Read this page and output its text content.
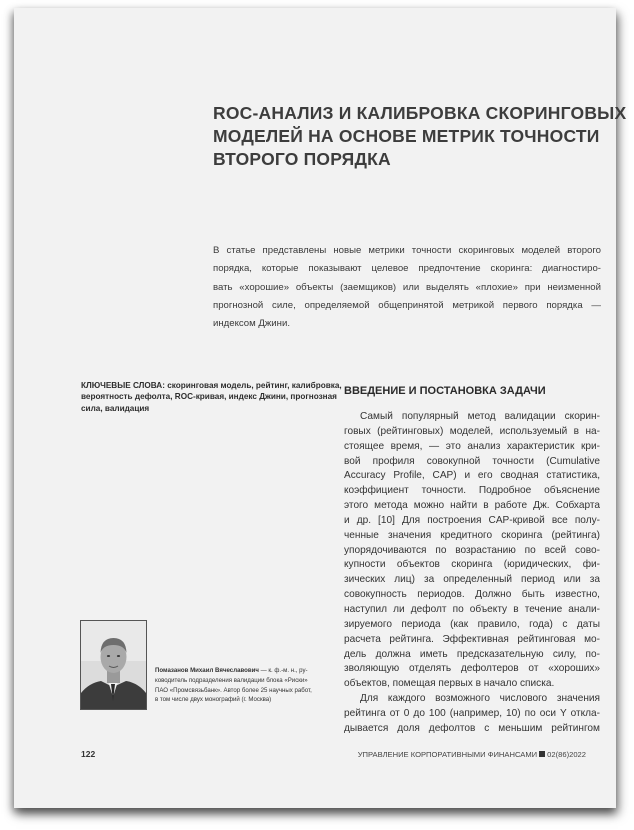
ROC-АНАЛИЗ И КАЛИБРОВКА СКОРИНГОВЫХ
МОДЕЛЕЙ НА ОСНОВЕ МЕТРИК ТОЧНОСТИ
ВТОРОГО ПОРЯДКА
В статье представлены новые метрики точности скоринговых моделей второго
порядка, которые показывают целевое предпочтение скоринга: диагностиро-
вать «хорошие» объекты (заемщиков) или выделять «плохие» при неизменной
прогнозной силе, определяемой общепринятой метрикой первого порядка —
индексом Джини.
КЛЮЧЕВЫЕ СЛОВА: скоринговая модель, рейтинг, калибровка,
вероятность дефолта, ROC-кривая, индекс Джини, прогнозная
сила, валидация
ВВЕДЕНИЕ И ПОСТАНОВКА ЗАДАЧИ
Самый популярный метод валидации скорин-
говых (рейтинговых) моделей, используемый в на-
стоящее время, — это анализ характеристик кри-
вой профиля совокупной точности (Cumulative
Accuracy Profile, CAP) и его сводная статистика,
коэффициент точности. Подробное объяснение
этого метода можно найти в работе Дж. Собхарта
и др. [10] Для построения CAP-кривой все полу-
ченные значения кредитного скоринга (рейтинга)
упорядочиваются по возрастанию по всей сово-
купности объектов скоринга (юридических, фи-
зических лиц) за определенный период или за
совокупность периодов. Должно быть известно,
наступил ли дефолт по объекту в течение анали-
зируемого периода (как правило, года) с даты
расчета рейтинга. Эффективная рейтинговая мо-
дель должна иметь предсказательную силу, по-
зволяющую отделять дефолтеров от «хороших»
объектов, помещая первых в начало списка.
Для каждого возможного числового значения
рейтинга от 0 до 100 (например, 10) по оси Y откла-
дывается доля дефолтов с меньшим рейтингом
Помазанов Михаил Вячеславович — к. ф.-м. н., ру-
ководитель подразделения валидации блока «Риски»
ПАО «Промсвязьбанк». Автор более 25 научных работ,
в том числе двух монографий (г. Москва)
122	УПРАВЛЕНИЕ КОРПОРАТИВНЫМИ ФИНАНСАМИ 02(86)2022
